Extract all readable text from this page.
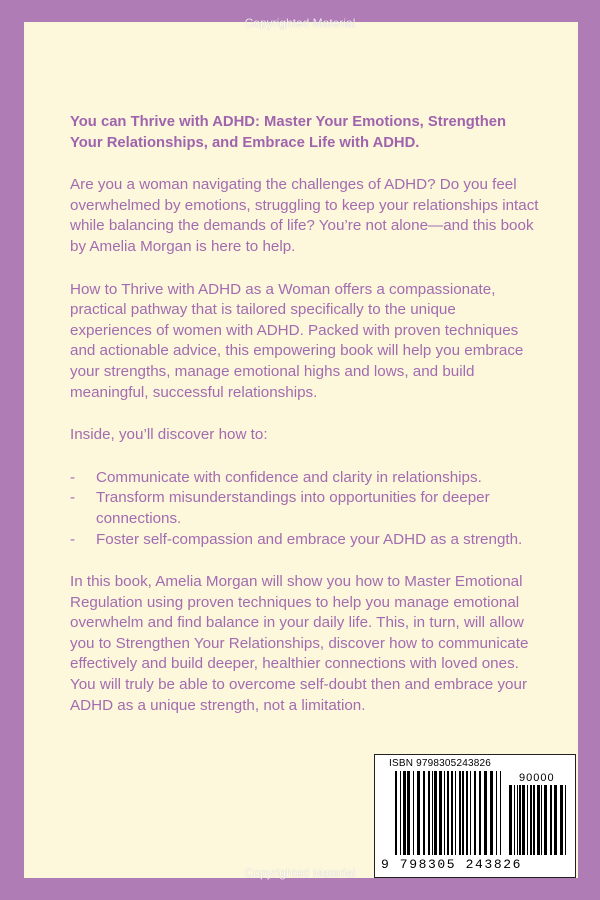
Copyrighted Material
You can Thrive with ADHD: Master Your Emotions, Strengthen Your Relationships, and Embrace Life with ADHD.

Are you a woman navigating the challenges of ADHD? Do you feel overwhelmed by emotions, struggling to keep your relationships intact while balancing the demands of life? You’re not alone—and this book by Amelia Morgan is here to help.

How to Thrive with ADHD as a Woman offers a compassionate, practical pathway that is tailored specifically to the unique experiences of women with ADHD. Packed with proven techniques and actionable advice, this empowering book will help you embrace your strengths, manage emotional highs and lows, and build meaningful, successful relationships.

Inside, you’ll discover how to:

- Communicate with confidence and clarity in relationships.
- Transform misunderstandings into opportunities for deeper connections.
- Foster self-compassion and embrace your ADHD as a strength.

In this book, Amelia Morgan will show you how to Master Emotional Regulation using proven techniques to help you manage emotional overwhelm and find balance in your daily life. This, in turn, will allow you to Strengthen Your Relationships, discover how to communicate effectively and build deeper, healthier connections with loved ones. You will truly be able to overcome self-doubt then and embrace your ADHD as a unique strength, not a limitation.

ISBN 9798305243826
90000
9 798305 243826
Copyrighted Material
